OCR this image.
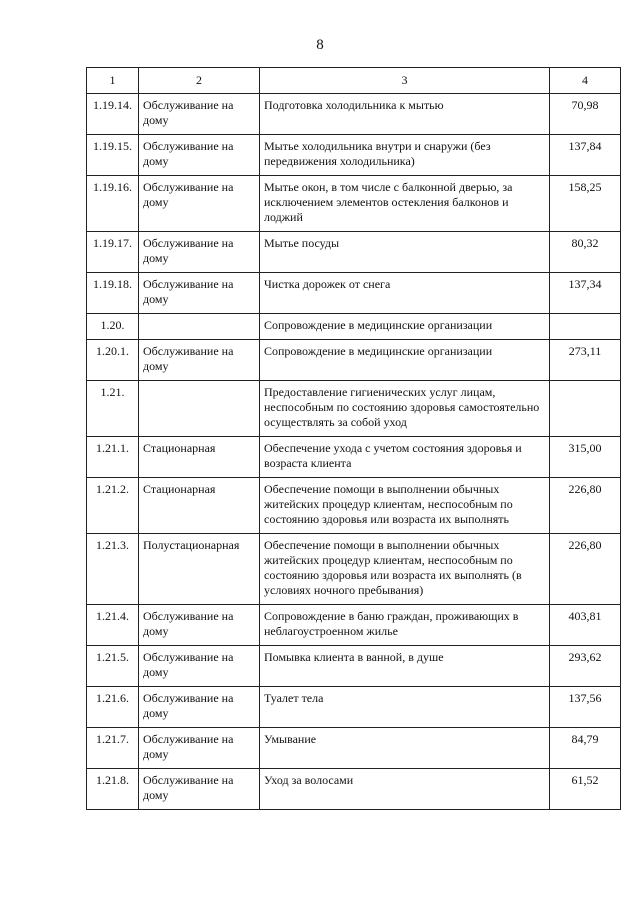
8
1	2	3	4
1.19.14.	Обслуживание на дому	Подготовка холодильника к мытью	70,98
1.19.15.	Обслуживание на дому	Мытье холодильника внутри и снаружи (без передвижения холодильника)	137,84
1.19.16.	Обслуживание на дому	Мытье окон, в том числе с балконной дверью, за исключением элементов остекления балконов и лоджий	158,25
1.19.17.	Обслуживание на дому	Мытье посуды	80,32
1.19.18.	Обслуживание на дому	Чистка дорожек от снега	137,34
1.20.		Сопровождение в медицинские организации	
1.20.1.	Обслуживание на дому	Сопровождение в медицинские организации	273,11
1.21.		Предоставление гигиенических услуг лицам, неспособным по состоянию здоровья самостоятельно осуществлять за собой уход	
1.21.1.	Стационарная	Обеспечение ухода с учетом состояния здоровья и возраста клиента	315,00
1.21.2.	Стационарная	Обеспечение помощи в выполнении обычных житейских процедур клиентам, неспособным по состоянию здоровья или возраста их выполнять	226,80
1.21.3.	Полустационарная	Обеспечение помощи в выполнении обычных житейских процедур клиентам, неспособным по состоянию здоровья или возраста их выполнять (в условиях ночного пребывания)	226,80
1.21.4.	Обслуживание на дому	Сопровождение в баню граждан, проживающих в неблагоустроенном жилье	403,81
1.21.5.	Обслуживание на дому	Помывка клиента в ванной, в душе	293,62
1.21.6.	Обслуживание на дому	Туалет тела	137,56
1.21.7.	Обслуживание на дому	Умывание	84,79
1.21.8.	Обслуживание на дому	Уход за волосами	61,52
